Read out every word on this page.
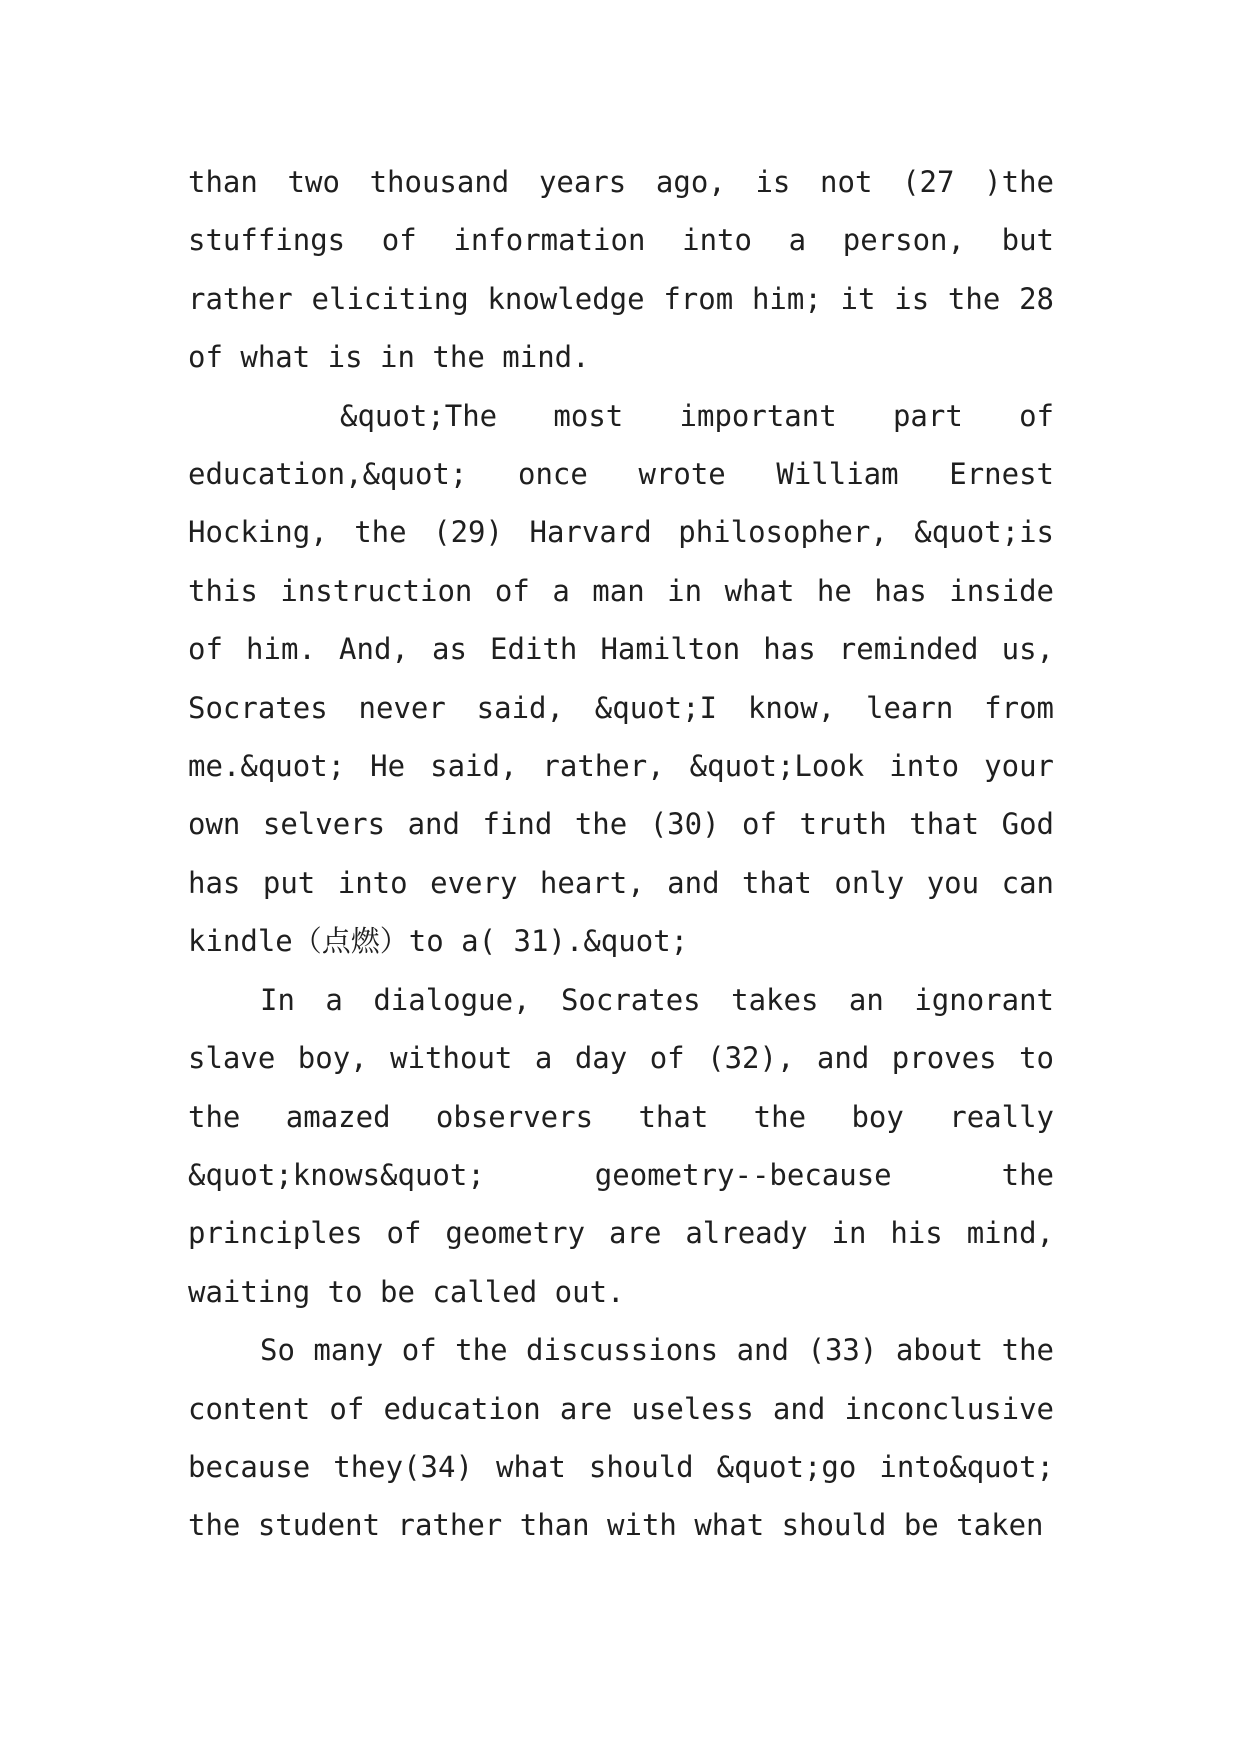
than two thousand years ago, is not (27 )the stuffings of information into a person, but rather eliciting knowledge from him; it is the 28 of what is in the mind.

&quot;The most important part of education,&quot; once wrote William Ernest Hocking, the (29) Harvard philosopher, &quot;is this instruction of a man in what he has inside of him. And, as Edith Hamilton has reminded us, Socrates never said, &quot;I know, learn from me.&quot; He said, rather, &quot;Look into your own selvers and find the (30) of truth that God has put into every heart, and that only you can kindle（点燃）to a( 31).&quot;

In a dialogue, Socrates takes an ignorant slave boy, without a day of (32), and proves to the amazed observers that the boy really &quot;knows&quot; geometry--because the principles of geometry are already in his mind, waiting to be called out.

So many of the discussions and (33) about the content of education are useless and inconclusive because they(34) what should &quot;go into&quot; the student rather than with what should be taken
